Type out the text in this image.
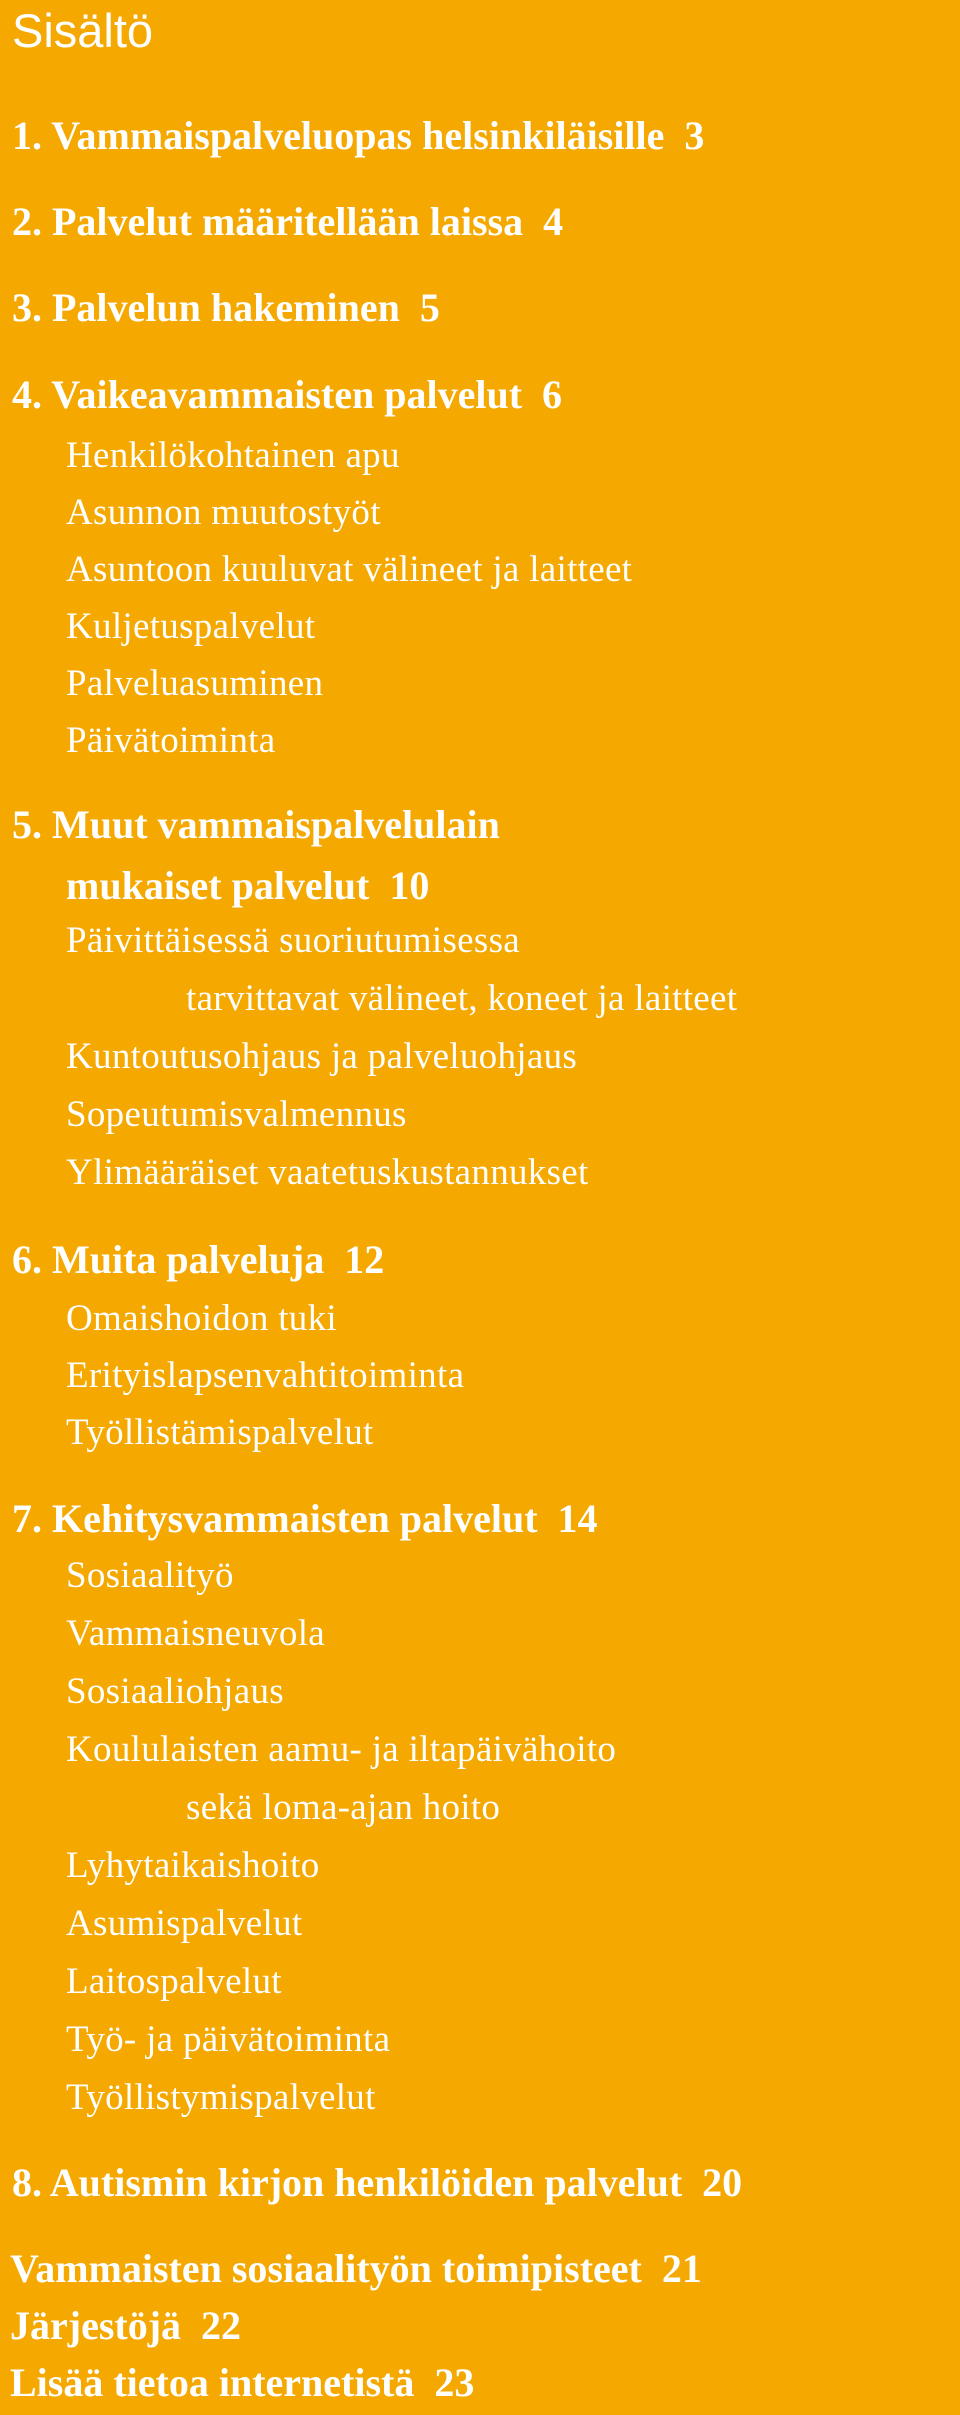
Sisältö
1. Vammaispalveluopas helsinkiläisille 3
2. Palvelut määritellään laissa 4
3. Palvelun hakeminen 5
4. Vaikeavammaisten palvelut 6
Henkilökohtainen apu
Asunnon muutostyöt
Asuntoon kuuluvat välineet ja laitteet
Kuljetuspalvelut
Palveluasuminen
Päivätoiminta
5. Muut vammaispalvelulain
mukaiset palvelut 10
Päivittäisessä suoriutumisessa
tarvittavat välineet, koneet ja laitteet
Kuntoutusohjaus ja palveluohjaus
Sopeutumisvalmennus
Ylimääräiset vaatetuskustannukset
6. Muita palveluja 12
Omaishoidon tuki
Erityislapsenvahtitoiminta
Työllistämispalvelut
7. Kehitysvammaisten palvelut 14
Sosiaalityö
Vammaisneuvola
Sosiaaliohjaus
Koululaisten aamu- ja iltapäivähoito
sekä loma-ajan hoito
Lyhytaikaishoito
Asumispalvelut
Laitospalvelut
Työ- ja päivätoiminta
Työllistymispalvelut
8. Autismin kirjon henkilöiden palvelut 20
Vammaisten sosiaalityön toimipisteet 21
Järjestöjä 22
Lisää tietoa internetistä 23
